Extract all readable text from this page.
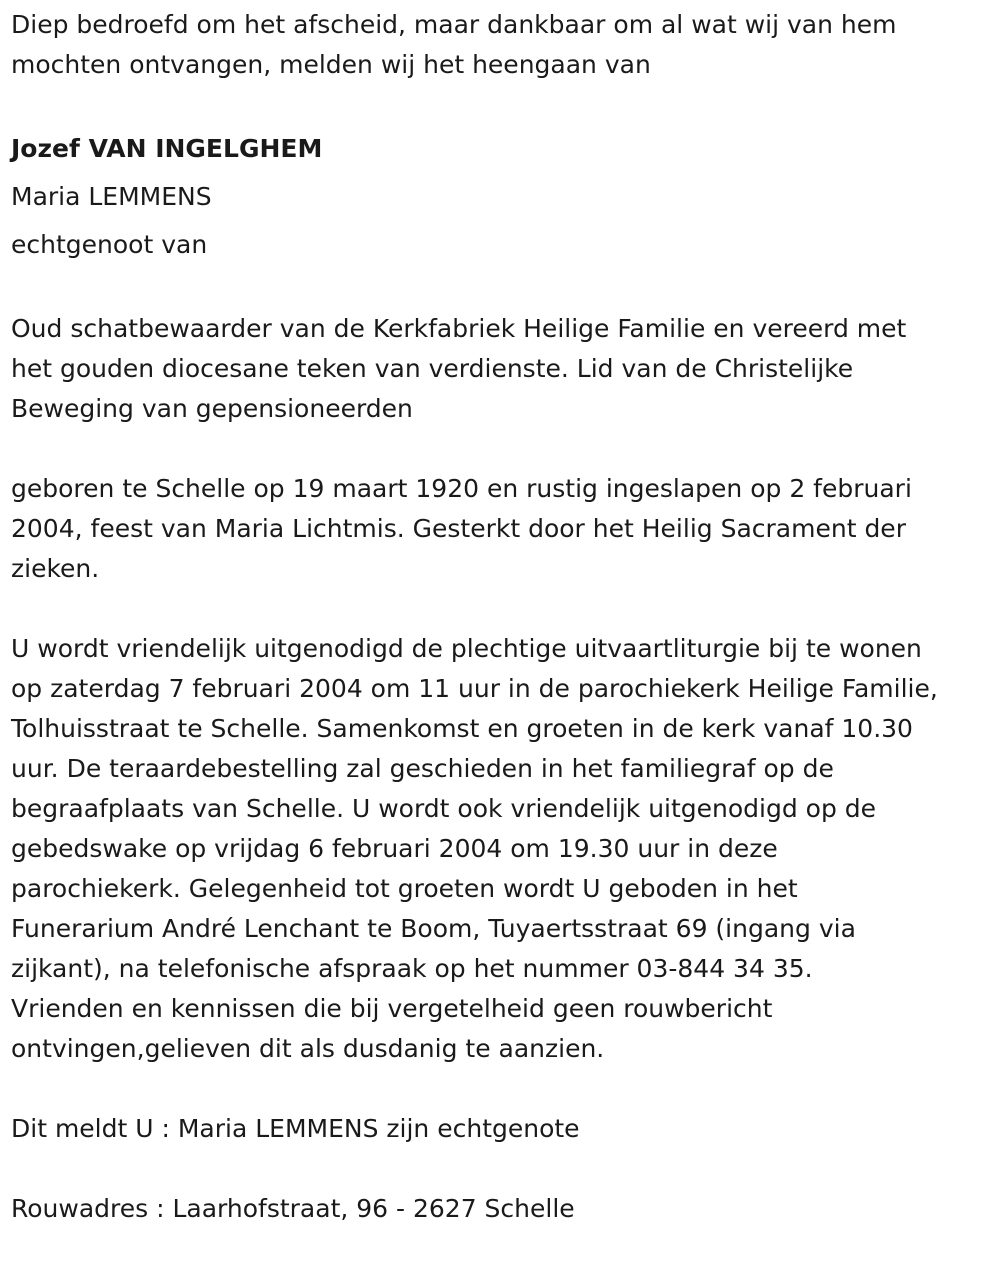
Diep bedroefd om het afscheid, maar dankbaar om al wat wij van hem
mochten ontvangen, melden wij het heengaan van
Jozef VAN INGELGHEM
Maria LEMMENS
echtgenoot van
Oud schatbewaarder van de Kerkfabriek Heilige Familie en vereerd met
het gouden diocesane teken van verdienste. Lid van de Christelijke
Beweging van gepensioneerden
geboren te Schelle op 19 maart 1920 en rustig ingeslapen op 2 februari
2004, feest van Maria Lichtmis. Gesterkt door het Heilig Sacrament der
zieken.
U wordt vriendelijk uitgenodigd de plechtige uitvaartliturgie bij te wonen
op zaterdag 7 februari 2004 om 11 uur in de parochiekerk Heilige Familie,
Tolhuisstraat te Schelle. Samenkomst en groeten in de kerk vanaf 10.30
uur. De teraardebestelling zal geschieden in het familiegraf op de
begraafplaats van Schelle. U wordt ook vriendelijk uitgenodigd op de
gebedswake op vrijdag 6 februari 2004 om 19.30 uur in deze
parochiekerk. Gelegenheid tot groeten wordt U geboden in het
Funerarium André Lenchant te Boom, Tuyaertsstraat 69 (ingang via
zijkant), na telefonische afspraak op het nummer 03-844 34 35.
Vrienden en kennissen die bij vergetelheid geen rouwbericht
ontvingen,gelieven dit als dusdanig te aanzien.
Dit meldt U : Maria LEMMENS zijn echtgenote
Rouwadres : Laarhofstraat, 96 - 2627 Schelle
